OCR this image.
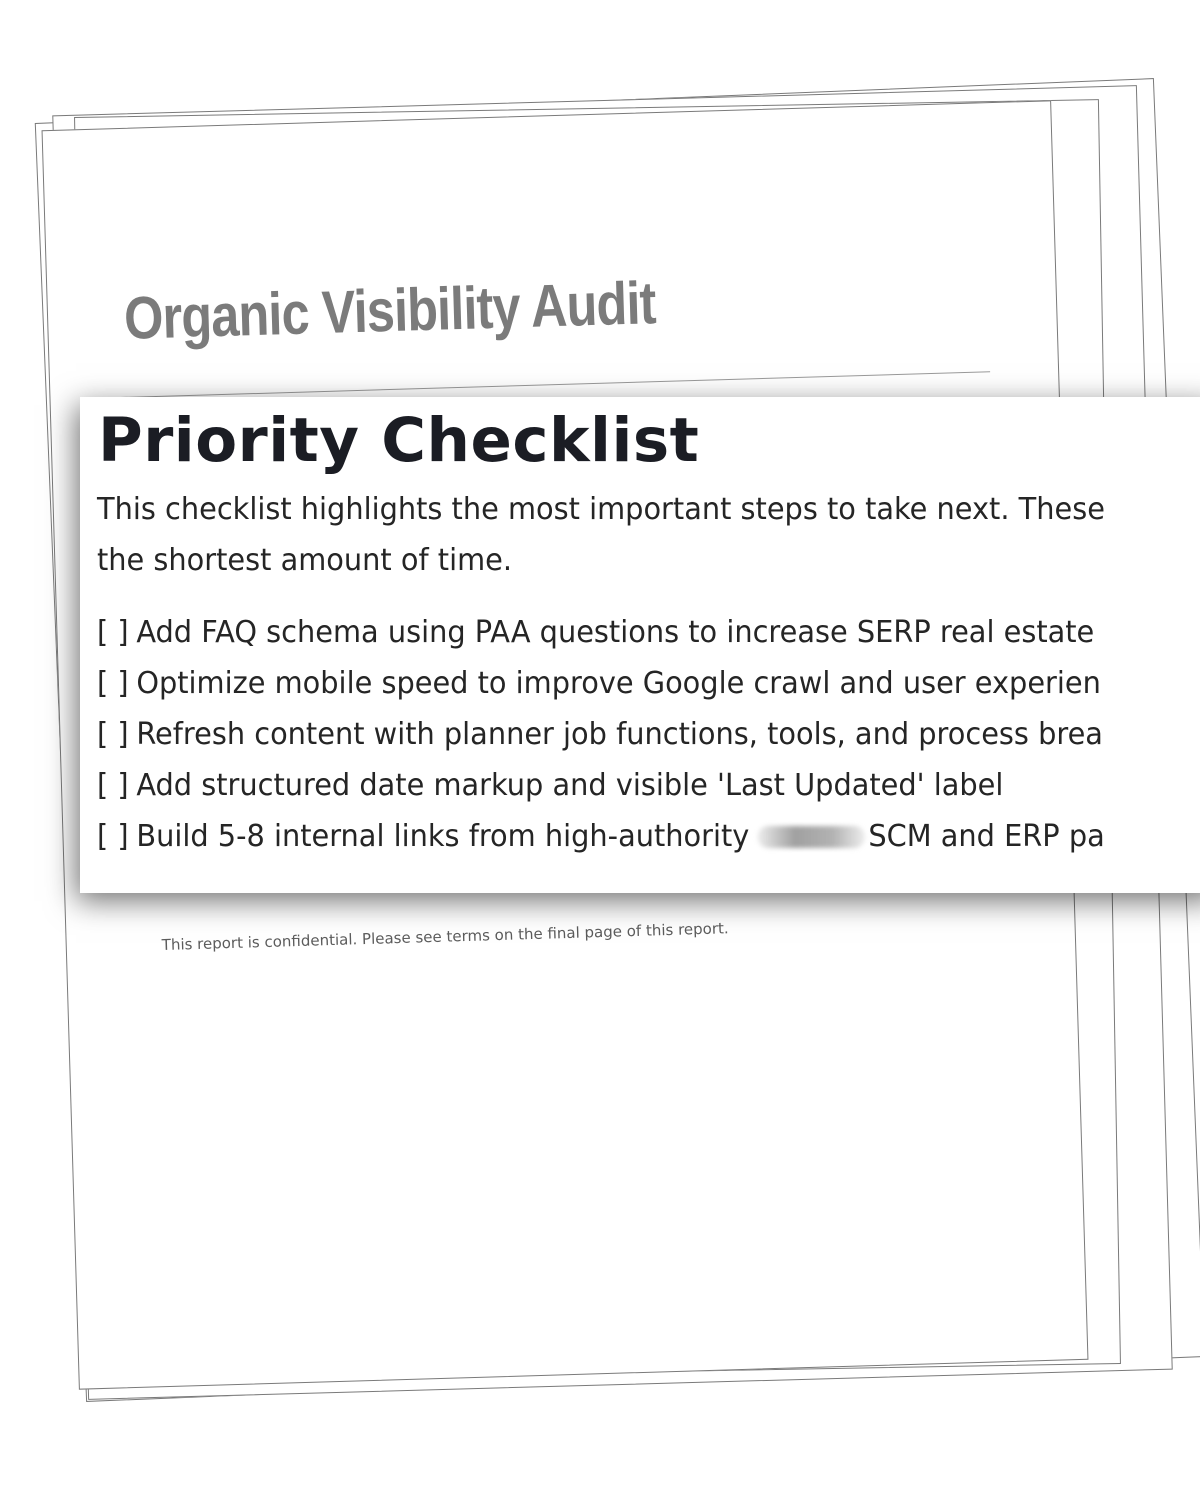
Organic Visibility Audit

This report is confidential. Please see terms on the final page of this report.

Priority Checklist

This checklist highlights the most important steps to take next. These

the shortest amount of time.

[ ] Add FAQ schema using PAA questions to increase SERP real estate
[ ] Optimize mobile speed to improve Google crawl and user experien
[ ] Refresh content with planner job functions, tools, and process brea
[ ] Add structured date markup and visible 'Last Updated' label
[ ] Build 5-8 internal links from high-authority	SCM and ERP pa
